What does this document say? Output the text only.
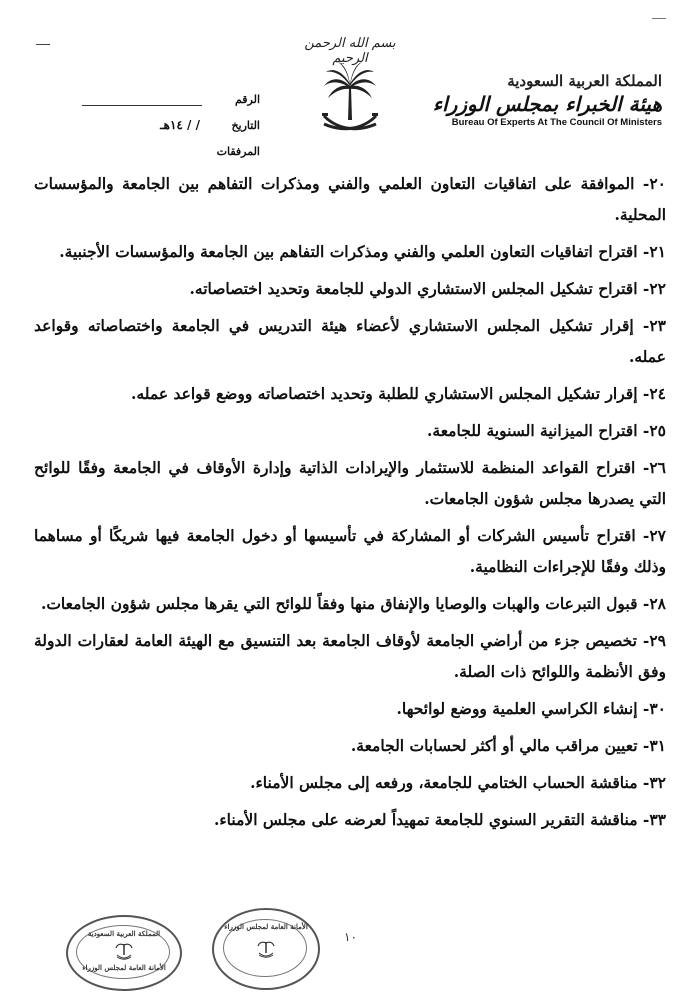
بسم الله الرحمن الرحيم
المملكة العربية السعودية
هيئة الخبراء بمجلس الوزراء
Bureau Of Experts At The Council Of Ministers
الرقم
التاريخ
/ / ١٤هـ
المرفقات
٢٠- الموافقة على اتفاقيات التعاون العلمي والفني ومذكرات التفاهم بين الجامعة والمؤسسات المحلية.
٢١- اقتراح اتفاقيات التعاون العلمي والفني ومذكرات التفاهم بين الجامعة والمؤسسات الأجنبية.
٢٢- اقتراح تشكيل المجلس الاستشاري الدولي للجامعة وتحديد اختصاصاته.
٢٣- إقرار تشكيل المجلس الاستشاري لأعضاء هيئة التدريس في الجامعة واختصاصاته وقواعد عمله.
٢٤- إقرار تشكيل المجلس الاستشاري للطلبة وتحديد اختصاصاته ووضع قواعد عمله.
٢٥- اقتراح الميزانية السنوية للجامعة.
٢٦- اقتراح القواعد المنظمة للاستثمار والإيرادات الذاتية وإدارة الأوقاف في الجامعة وفقًا للوائح التي يصدرها مجلس شؤون الجامعات.
٢٧- اقتراح تأسيس الشركات أو المشاركة في تأسيسها أو دخول الجامعة فيها شريكًا أو مساهما وذلك وفقًا للإجراءات النظامية.
٢٨- قبول التبرعات والهبات والوصايا والإنفاق منها وفقاً للوائح التي يقرها مجلس شؤون الجامعات.
٢٩- تخصيص جزء من أراضي الجامعة لأوقاف الجامعة بعد التنسيق مع الهيئة العامة لعقارات الدولة وفق الأنظمة واللوائح ذات الصلة.
٣٠- إنشاء الكراسي العلمية ووضع لوائحها.
٣١- تعيين مراقب مالي أو أكثر لحسابات الجامعة.
٣٢- مناقشة الحساب الختامي للجامعة، ورفعه إلى مجلس الأمناء.
٣٣- مناقشة التقرير السنوي للجامعة تمهيداً لعرضه على مجلس الأمناء.
١٠
المملكة العربية السعودية
الأمانة العامة لمجلس الوزراء
الأمانة العامة لمجلس الوزراء
